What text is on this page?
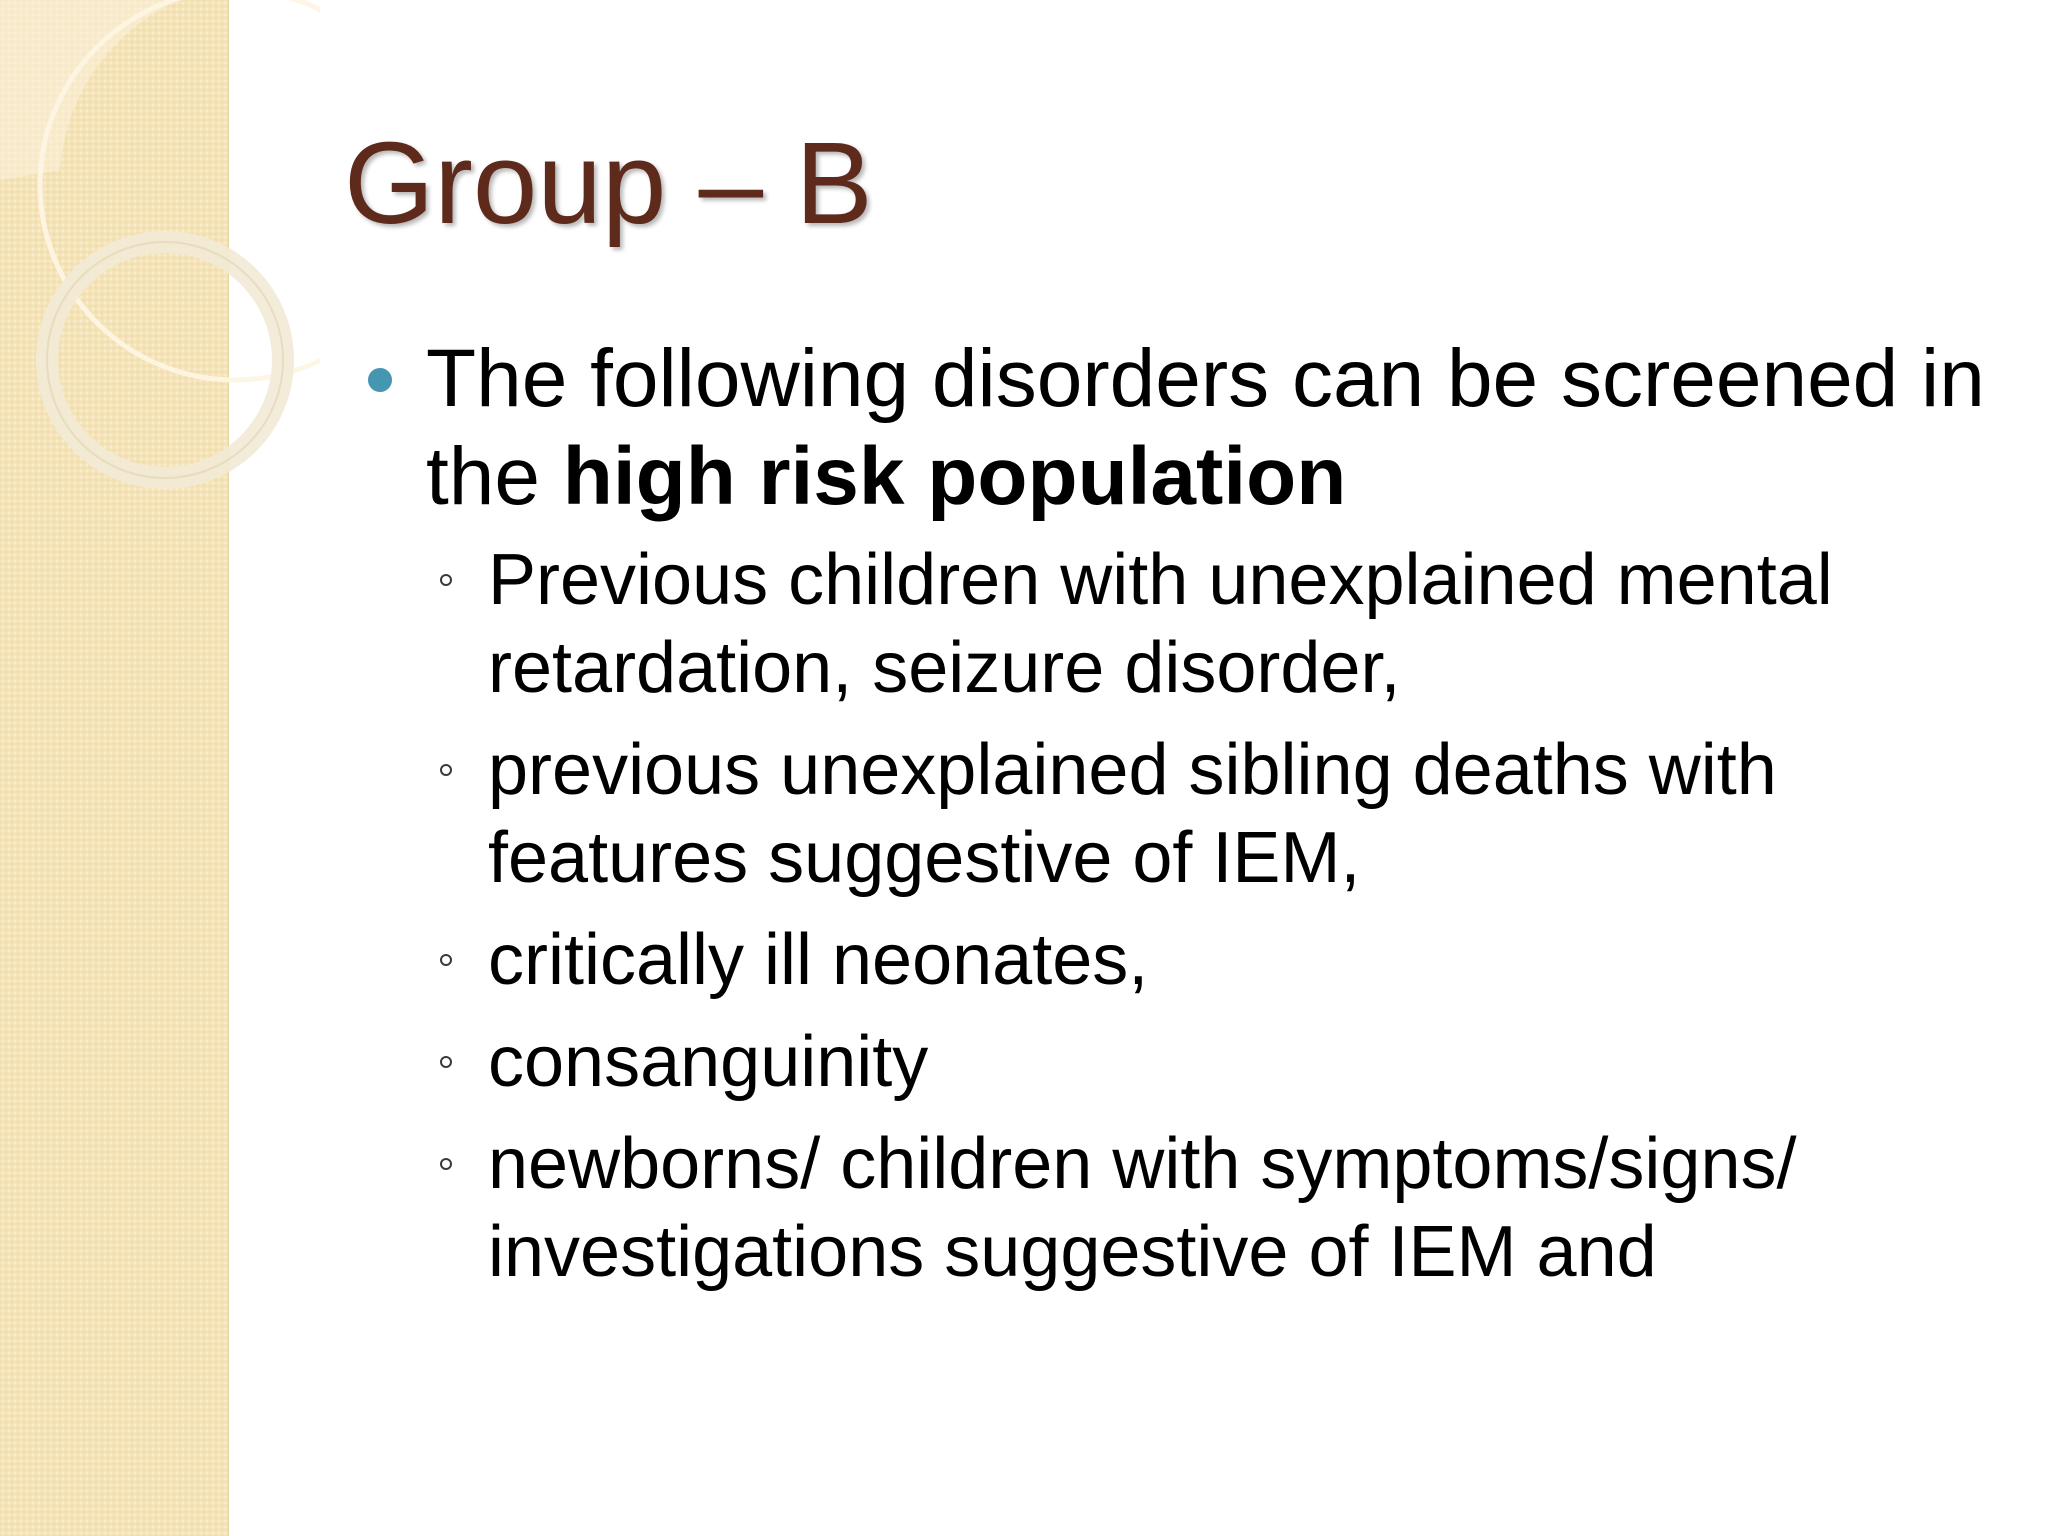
Group – B
The following disorders can be screened in the high risk population
Previous children with unexplained mental retardation, seizure disorder,
previous unexplained sibling deaths with features suggestive of IEM,
critically ill neonates,
consanguinity
newborns/ children with symptoms/signs/ investigations suggestive of IEM and
